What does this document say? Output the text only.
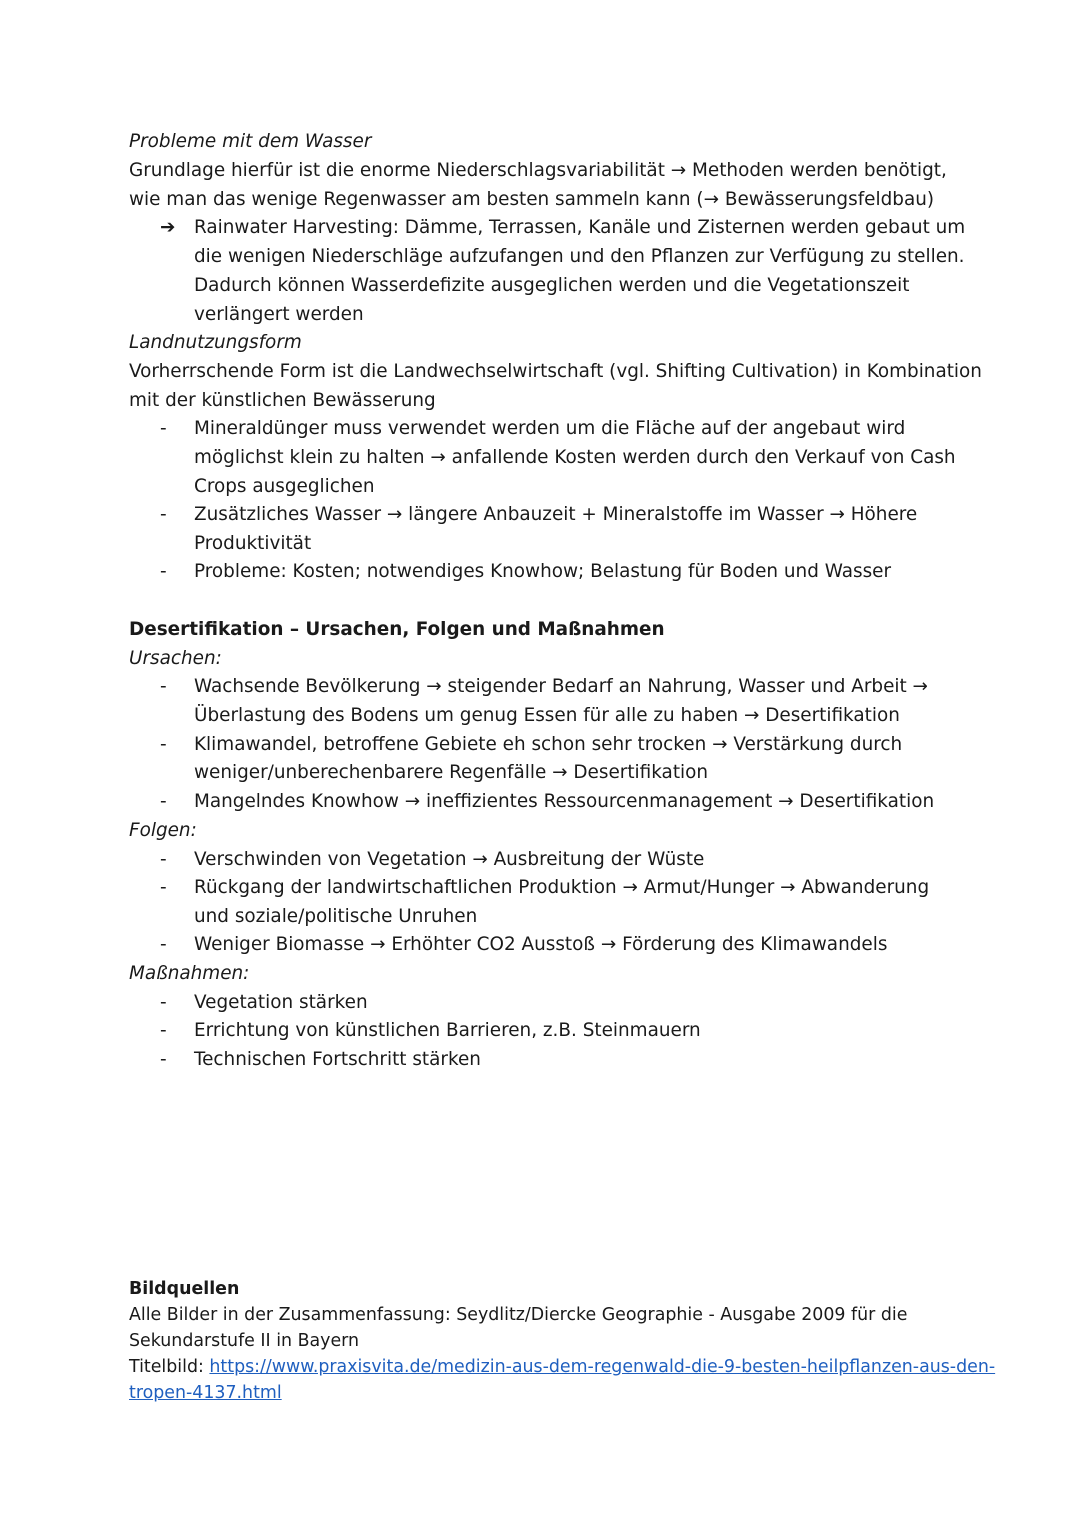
Probleme mit dem Wasser
Grundlage hierfür ist die enorme Niederschlagsvariabilität → Methoden werden benötigt,
wie man das wenige Regenwasser am besten sammeln kann (→ Bewässerungsfeldbau)
➔ Rainwater Harvesting: Dämme, Terrassen, Kanäle und Zisternen werden gebaut um
die wenigen Niederschläge aufzufangen und den Pflanzen zur Verfügung zu stellen.
Dadurch können Wasserdefizite ausgeglichen werden und die Vegetationszeit
verlängert werden
Landnutzungsform
Vorherrschende Form ist die Landwechselwirtschaft (vgl. Shifting Cultivation) in Kombination
mit der künstlichen Bewässerung
- Mineraldünger muss verwendet werden um die Fläche auf der angebaut wird
möglichst klein zu halten → anfallende Kosten werden durch den Verkauf von Cash
Crops ausgeglichen
- Zusätzliches Wasser → längere Anbauzeit + Mineralstoffe im Wasser → Höhere
Produktivität
- Probleme: Kosten; notwendiges Knowhow; Belastung für Boden und Wasser
Desertifikation – Ursachen, Folgen und Maßnahmen
Ursachen:
- Wachsende Bevölkerung → steigender Bedarf an Nahrung, Wasser und Arbeit →
Überlastung des Bodens um genug Essen für alle zu haben → Desertifikation
- Klimawandel, betroffene Gebiete eh schon sehr trocken → Verstärkung durch
weniger/unberechenbarere Regenfälle → Desertifikation
- Mangelndes Knowhow → ineffizientes Ressourcenmanagement → Desertifikation
Folgen:
- Verschwinden von Vegetation → Ausbreitung der Wüste
- Rückgang der landwirtschaftlichen Produktion → Armut/Hunger → Abwanderung
und soziale/politische Unruhen
- Weniger Biomasse → Erhöhter CO2 Ausstoß → Förderung des Klimawandels
Maßnahmen:
- Vegetation stärken
- Errichtung von künstlichen Barrieren, z.B. Steinmauern
- Technischen Fortschritt stärken
Bildquellen
Alle Bilder in der Zusammenfassung: Seydlitz/Diercke Geographie - Ausgabe 2009 für die
Sekundarstufe II in Bayern
Titelbild: https://www.praxisvita.de/medizin-aus-dem-regenwald-die-9-besten-heilpflanzen-aus-den-
tropen-4137.html
